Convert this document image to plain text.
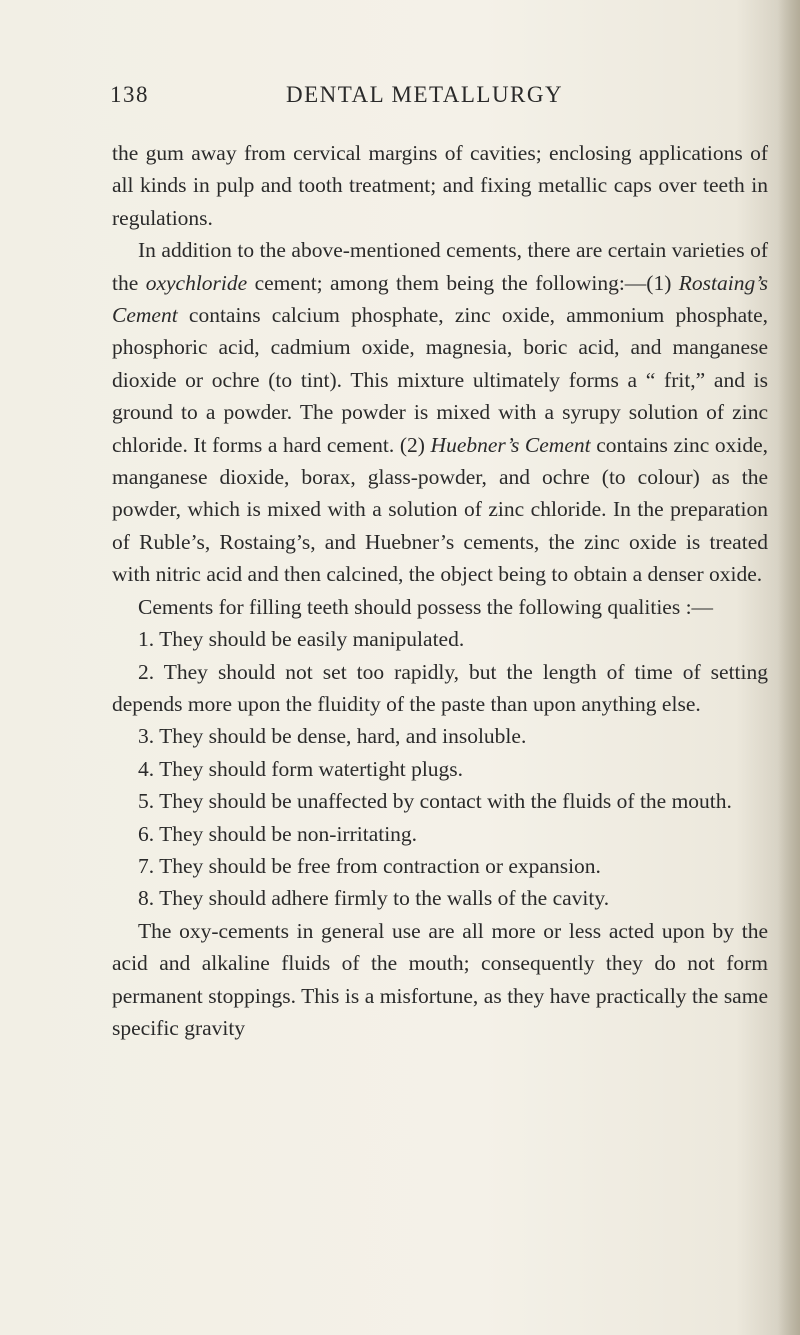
138	DENTAL METALLURGY

the gum away from cervical margins of cavities; enclosing applications of all kinds in pulp and tooth treatment; and fixing metallic caps over teeth in regulations.

In addition to the above-mentioned cements, there are certain varieties of the oxychloride cement; among them being the following:—(1) Rostaing’s Cement contains calcium phosphate, zinc oxide, ammonium phosphate, phosphoric acid, cadmium oxide, magnesia, boric acid, and manganese dioxide or ochre (to tint). This mixture ultimately forms a “ frit,” and is ground to a powder. The powder is mixed with a syrupy solution of zinc chloride. It forms a hard cement. (2) Huebner’s Cement contains zinc oxide, manganese dioxide, borax, glass-powder, and ochre (to colour) as the powder, which is mixed with a solution of zinc chloride. In the preparation of Ruble’s, Rostaing’s, and Huebner’s cements, the zinc oxide is treated with nitric acid and then calcined, the object being to obtain a denser oxide.

Cements for filling teeth should possess the following qualities :—

1. They should be easily manipulated.

2. They should not set too rapidly, but the length of time of setting depends more upon the fluidity of the paste than upon anything else.

3. They should be dense, hard, and insoluble.

4. They should form watertight plugs.

5. They should be unaffected by contact with the fluids of the mouth.

6. They should be non-irritating.

7. They should be free from contraction or expansion.

8. They should adhere firmly to the walls of the cavity.

The oxy-cements in general use are all more or less acted upon by the acid and alkaline fluids of the mouth; consequently they do not form permanent stoppings. This is a misfortune, as they have practically the same specific gravity
